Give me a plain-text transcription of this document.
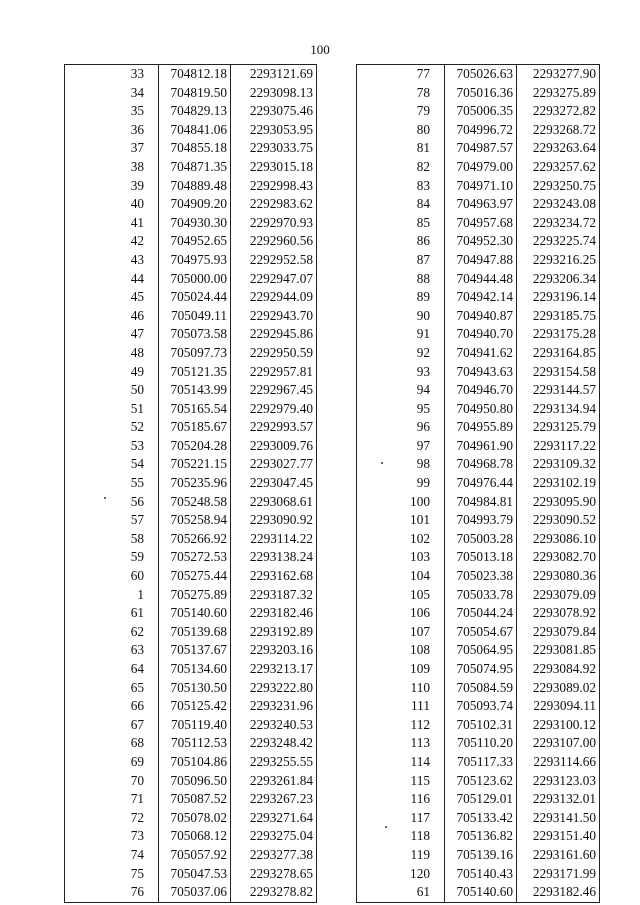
100
	33	704812.18	2293121.69
	34	704819.50	2293098.13
	35	704829.13	2293075.46
	36	704841.06	2293053.95
	37	704855.18	2293033.75
	38	704871.35	2293015.18
	39	704889.48	2292998.43
	40	704909.20	2292983.62
	41	704930.30	2292970.93
	42	704952.65	2292960.56
	43	704975.93	2292952.58
	44	705000.00	2292947.07
	45	705024.44	2292944.09
	46	705049.11	2292943.70
	47	705073.58	2292945.86
	48	705097.73	2292950.59
	49	705121.35	2292957.81
	50	705143.99	2292967.45
	51	705165.54	2292979.40
	52	705185.67	2292993.57
	53	705204.28	2293009.76
	54	705221.15	2293027.77
	55	705235.96	2293047.45
	56	705248.58	2293068.61
	57	705258.94	2293090.92
	58	705266.92	2293114.22
	59	705272.53	2293138.24
	60	705275.44	2293162.68
	1	705275.89	2293187.32
	61	705140.60	2293182.46
	62	705139.68	2293192.89
	63	705137.67	2293203.16
	64	705134.60	2293213.17
	65	705130.50	2293222.80
	66	705125.42	2293231.96
	67	705119.40	2293240.53
	68	705112.53	2293248.42
	69	705104.86	2293255.55
	70	705096.50	2293261.84
	71	705087.52	2293267.23
	72	705078.02	2293271.64
	73	705068.12	2293275.04
	74	705057.92	2293277.38
	75	705047.53	2293278.65
	76	705037.06	2293278.82
	77	705026.63	2293277.90
	78	705016.36	2293275.89
	79	705006.35	2293272.82
	80	704996.72	2293268.72
	81	704987.57	2293263.64
	82	704979.00	2293257.62
	83	704971.10	2293250.75
	84	704963.97	2293243.08
	85	704957.68	2293234.72
	86	704952.30	2293225.74
	87	704947.88	2293216.25
	88	704944.48	2293206.34
	89	704942.14	2293196.14
	90	704940.87	2293185.75
	91	704940.70	2293175.28
	92	704941.62	2293164.85
	93	704943.63	2293154.58
	94	704946.70	2293144.57
	95	704950.80	2293134.94
	96	704955.89	2293125.79
	97	704961.90	2293117.22
	98	704968.78	2293109.32
	99	704976.44	2293102.19
	100	704984.81	2293095.90
	101	704993.79	2293090.52
	102	705003.28	2293086.10
	103	705013.18	2293082.70
	104	705023.38	2293080.36
	105	705033.78	2293079.09
	106	705044.24	2293078.92
	107	705054.67	2293079.84
	108	705064.95	2293081.85
	109	705074.95	2293084.92
	110	705084.59	2293089.02
	111	705093.74	2293094.11
	112	705102.31	2293100.12
	113	705110.20	2293107.00
	114	705117.33	2293114.66
	115	705123.62	2293123.03
	116	705129.01	2293132.01
	117	705133.42	2293141.50
	118	705136.82	2293151.40
	119	705139.16	2293161.60
	120	705140.43	2293171.99
	61	705140.60	2293182.46
